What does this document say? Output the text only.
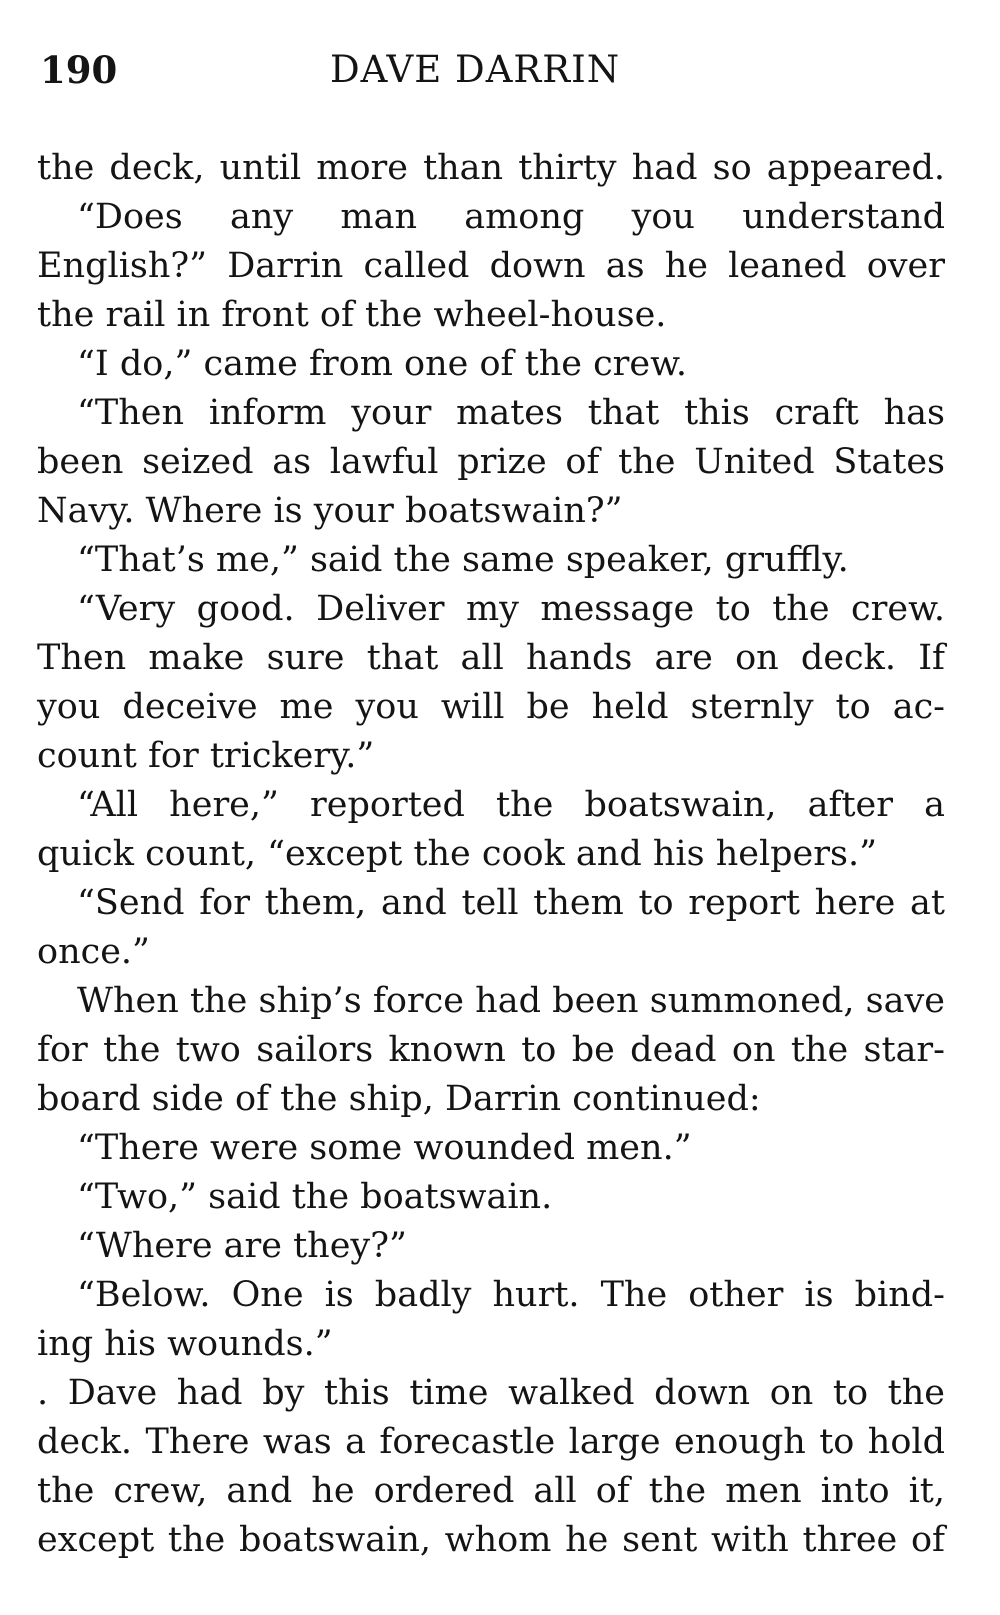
190	DAVE DARRIN
the deck, until more than thirty had so appeared.
“Does any man among you understand
English?” Darrin called down as he leaned over
the rail in front of the wheel-house.
“I do,” came from one of the crew.
“Then inform your mates that this craft has
been seized as lawful prize of the United States
Navy. Where is your boatswain?”
“That’s me,” said the same speaker, gruffly.
“Very good. Deliver my message to the crew.
Then make sure that all hands are on deck. If
you deceive me you will be held sternly to ac-
count for trickery.”
“All here,” reported the boatswain, after a
quick count, “except the cook and his helpers.”
“Send for them, and tell them to report here at
once.”
When the ship’s force had been summoned, save
for the two sailors known to be dead on the star-
board side of the ship, Darrin continued:
“There were some wounded men.”
“Two,” said the boatswain.
“Where are they?”
“Below. One is badly hurt. The other is bind-
ing his wounds.”
. Dave had by this time walked down on to the
deck. There was a forecastle large enough to hold
the crew, and he ordered all of the men into it,
except the boatswain, whom he sent with three of
